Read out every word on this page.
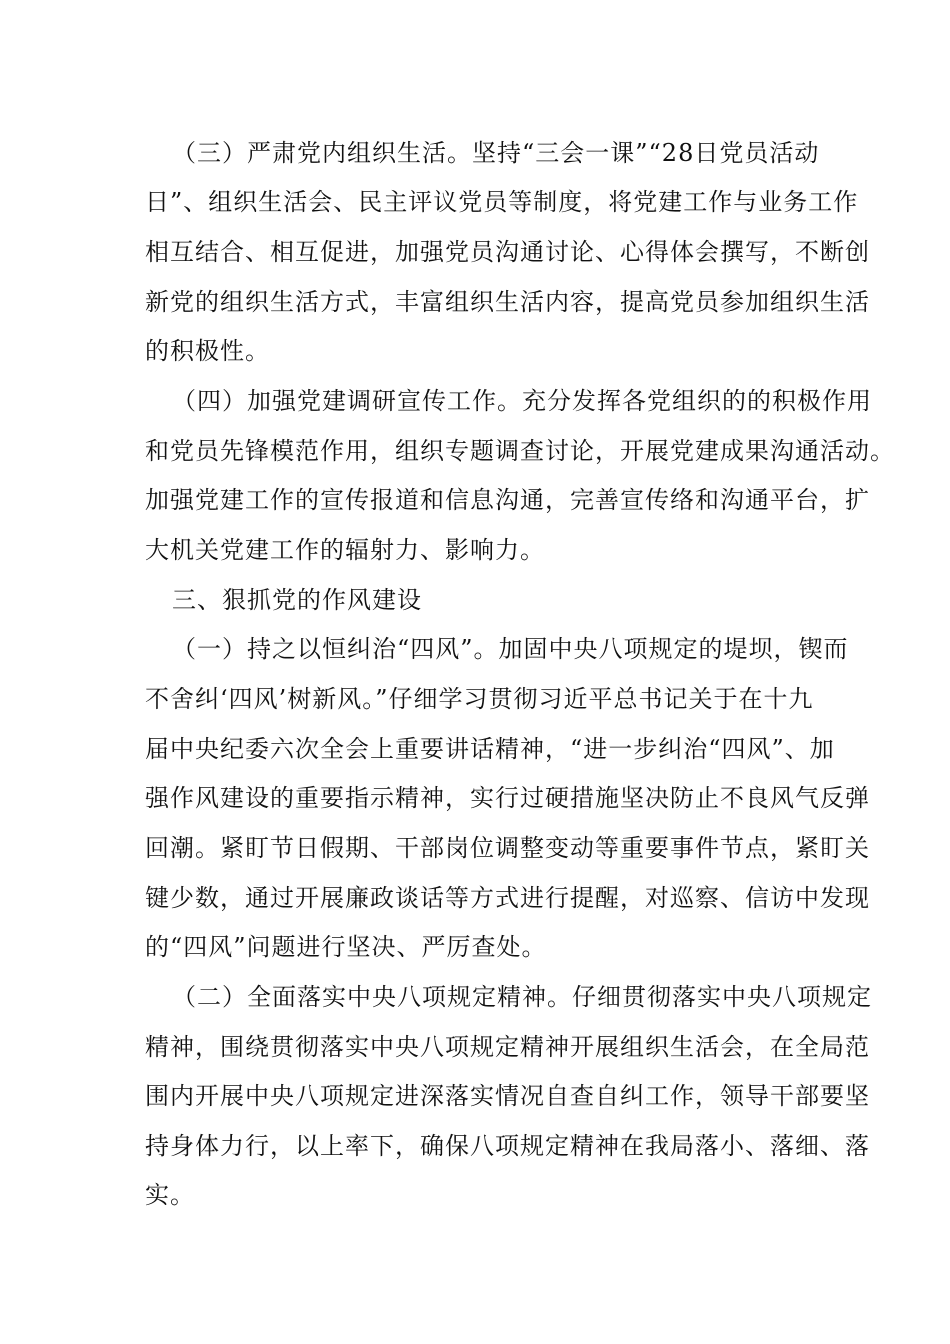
（三）严肃党内组织生活。坚持“三会一课”“28日党员活动
日”、组织生活会、民主评议党员等制度，将党建工作与业务工作
相互结合、相互促进，加强党员沟通讨论、心得体会撰写，不断创
新党的组织生活方式，丰富组织生活内容，提高党员参加组织生活
的积极性。
（四）加强党建调研宣传工作。充分发挥各党组织的的积极作用
和党员先锋模范作用，组织专题调查讨论，开展党建成果沟通活动。
加强党建工作的宣传报道和信息沟通，完善宣传络和沟通平台，扩
大机关党建工作的辐射力、影响力。
三、狠抓党的作风建设
（一）持之以恒纠治“四风”。加固中央八项规定的堤坝，锲而
不舍纠‘四风’树新风。”仔细学习贯彻习近平总书记关于在十九
届中央纪委六次全会上重要讲话精神，“进一步纠治“四风”、加
强作风建设的重要指示精神，实行过硬措施坚决防止不良风气反弹
回潮。紧盯节日假期、干部岗位调整变动等重要事件节点，紧盯关
键少数，通过开展廉政谈话等方式进行提醒，对巡察、信访中发现
的“四风”问题进行坚决、严厉查处。
（二）全面落实中央八项规定精神。仔细贯彻落实中央八项规定
精神，围绕贯彻落实中央八项规定精神开展组织生活会，在全局范
围内开展中央八项规定进深落实情况自查自纠工作，领导干部要坚
持身体力行，以上率下，确保八项规定精神在我局落小、落细、落
实。
